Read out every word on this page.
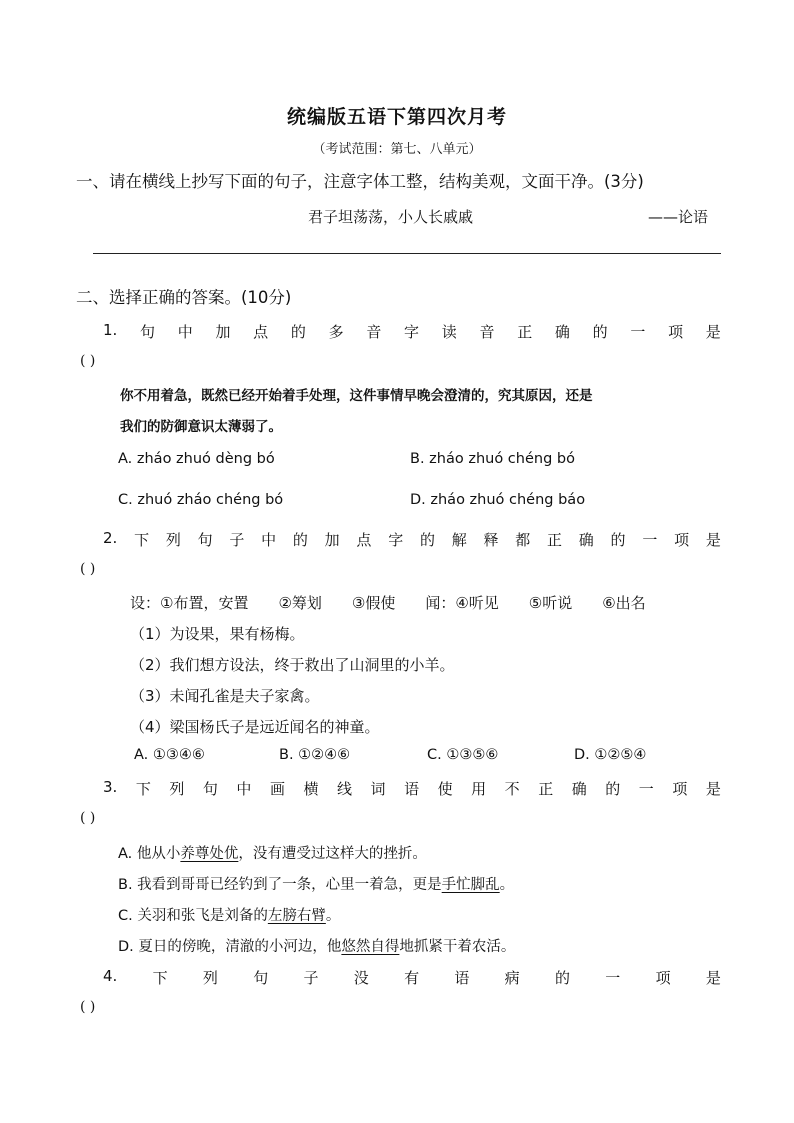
统编版五语下第四次月考
（考试范围：第七、八单元）
一、请在横线上抄写下面的句子，注意字体工整，结构美观，文面干净。(3分)
君子坦荡荡，小人长戚戚	——论语
二、选择正确的答案。(10分)
1. 句 中 加 点 的 多 音 字 读 音 正 确 的 一 项 是
( )
你不用着急，既然已经开始着手处理，这件事情早晚会澄清的，究其原因，还是
我们的防御意识太薄弱了。
A. zháo zhuó dèng bó	B. zháo zhuó chéng bó
C. zhuó zháo chéng bó	D. zháo zhuó chéng báo
2. 下 列 句 子 中 的 加 点 字 的 解 释 都 正 确 的 一 项 是
( )
设：①布置，安置　　②筹划　　③假使　　闻：④听见　　⑤听说　　⑥出名
（1）为设果，果有杨梅。
（2）我们想方设法，终于救出了山洞里的小羊。
（3）未闻孔雀是夫子家禽。
（4）梁国杨氏子是远近闻名的神童。
A. ①③④⑥	B. ①②④⑥	C. ①③⑤⑥	D. ①②⑤④
3. 下 列 句 中 画 横 线 词 语 使 用 不 正 确 的 一 项 是
( )
A. 他从小养尊处优，没有遭受过这样大的挫折。
B. 我看到哥哥已经钓到了一条，心里一着急，更是手忙脚乱。
C. 关羽和张飞是刘备的左膀右臂。
D. 夏日的傍晚，清澈的小河边，他悠然自得地抓紧干着农活。
4. 下 列 句 子 没 有 语 病 的 一 项 是
( )
